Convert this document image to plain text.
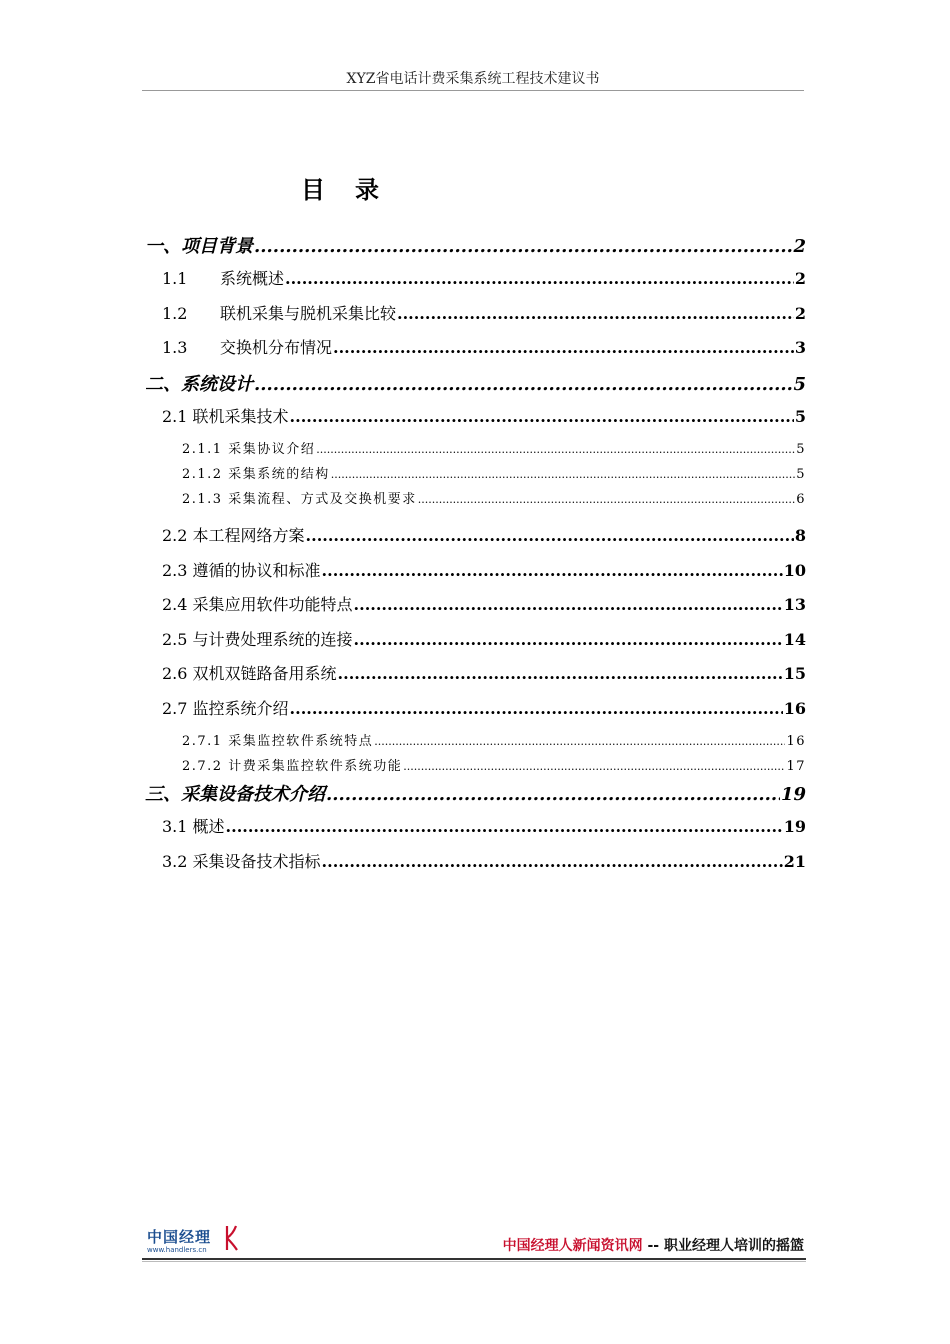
XYZ省电话计费采集系统工程技术建议书
目录
一、项目背景 .....	2
1.1 系统概述 .....	2
1.2 联机采集与脱机采集比较 .....	2
1.3 交换机分布情况 .....	3
二、系统设计 .....	5
2.1 联机采集技术 .....	5
2.1.1 采集协议介绍 .....	5
2.1.2 采集系统的结构 .....	5
2.1.3 采集流程、方式及交换机要求 .....	6
2.2 本工程网络方案 .....	8
2.3 遵循的协议和标准 .....	10
2.4 采集应用软件功能特点 .....	13
2.5 与计费处理系统的连接 .....	14
2.6 双机双链路备用系统 .....	15
2.7 监控系统介绍 .....	16
2.7.1 采集监控软件系统特点 .....	16
2.7.2 计费采集监控软件系统功能 .....	17
三、采集设备技术介绍 .....	19
3.1 概述 .....	19
3.2 采集设备技术指标 .....	21
中国经理
www.handlers.cn	中国经理人新闻资讯网 -- 职业经理人培训的摇篮
